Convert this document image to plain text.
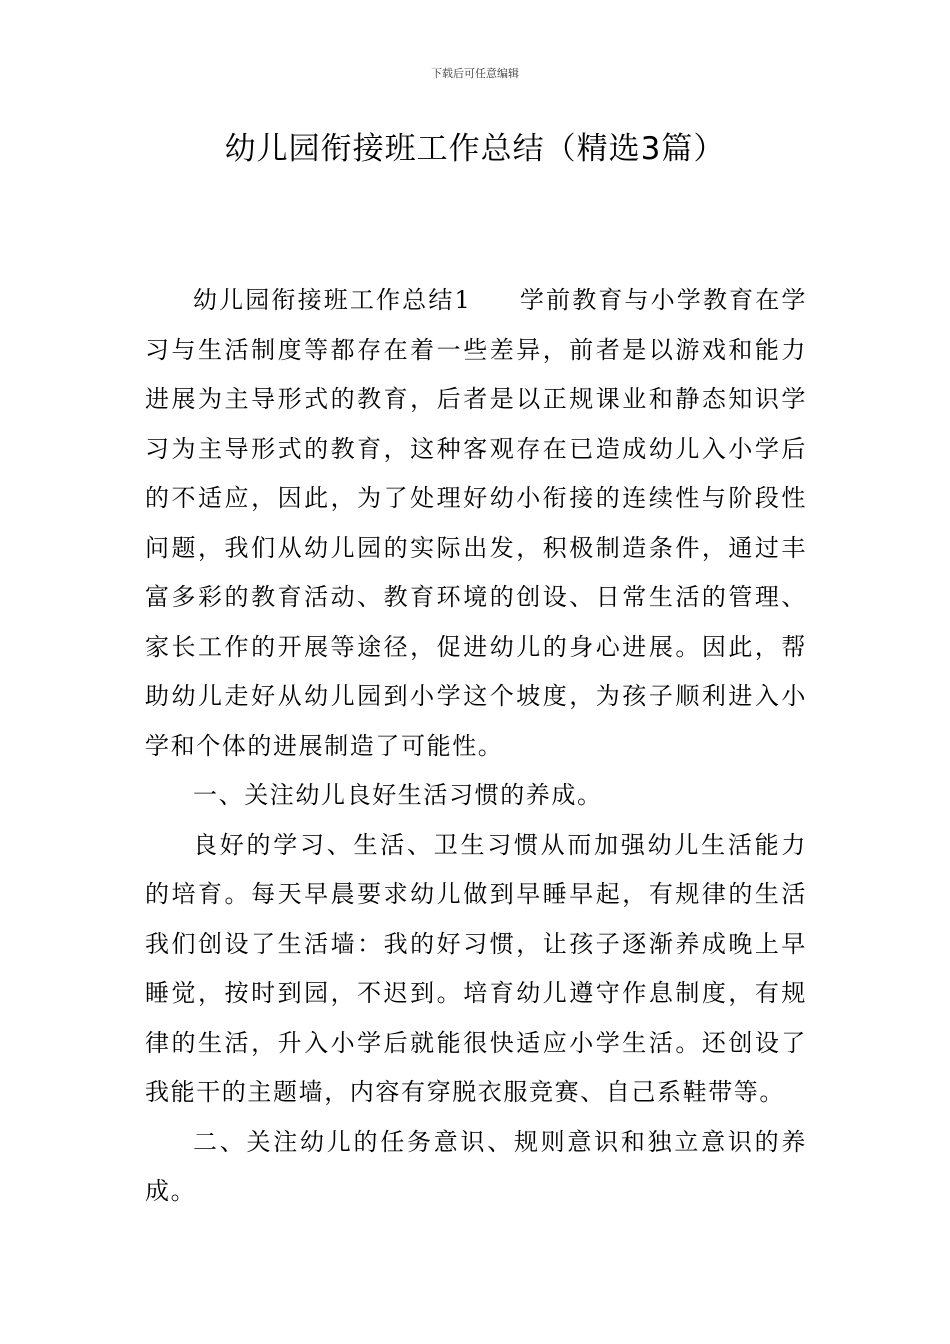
下载后可任意编辑
幼儿园衔接班工作总结（精选3篇）

幼儿园衔接班工作总结1 学前教育与小学教育在学习与生活制度等都存在着一些差异，前者是以游戏和能力进展为主导形式的教育，后者是以正规课业和静态知识学习为主导形式的教育，这种客观存在已造成幼儿入小学后的不适应，因此，为了处理好幼小衔接的连续性与阶段性问题，我们从幼儿园的实际出发，积极制造条件，通过丰富多彩的教育活动、教育环境的创设、日常生活的管理、家长工作的开展等途径，促进幼儿的身心进展。因此，帮助幼儿走好从幼儿园到小学这个坡度，为孩子顺利进入小学和个体的进展制造了可能性。

一、关注幼儿良好生活习惯的养成。

良好的学习、生活、卫生习惯从而加强幼儿生活能力的培育。每天早晨要求幼儿做到早睡早起，有规律的生活我们创设了生活墙：我的好习惯，让孩子逐渐养成晚上早睡觉，按时到园，不迟到。培育幼儿遵守作息制度，有规律的生活，升入小学后就能很快适应小学生活。还创设了我能干的主题墙，内容有穿脱衣服竞赛、自己系鞋带等。

二、关注幼儿的任务意识、规则意识和独立意识的养成。
